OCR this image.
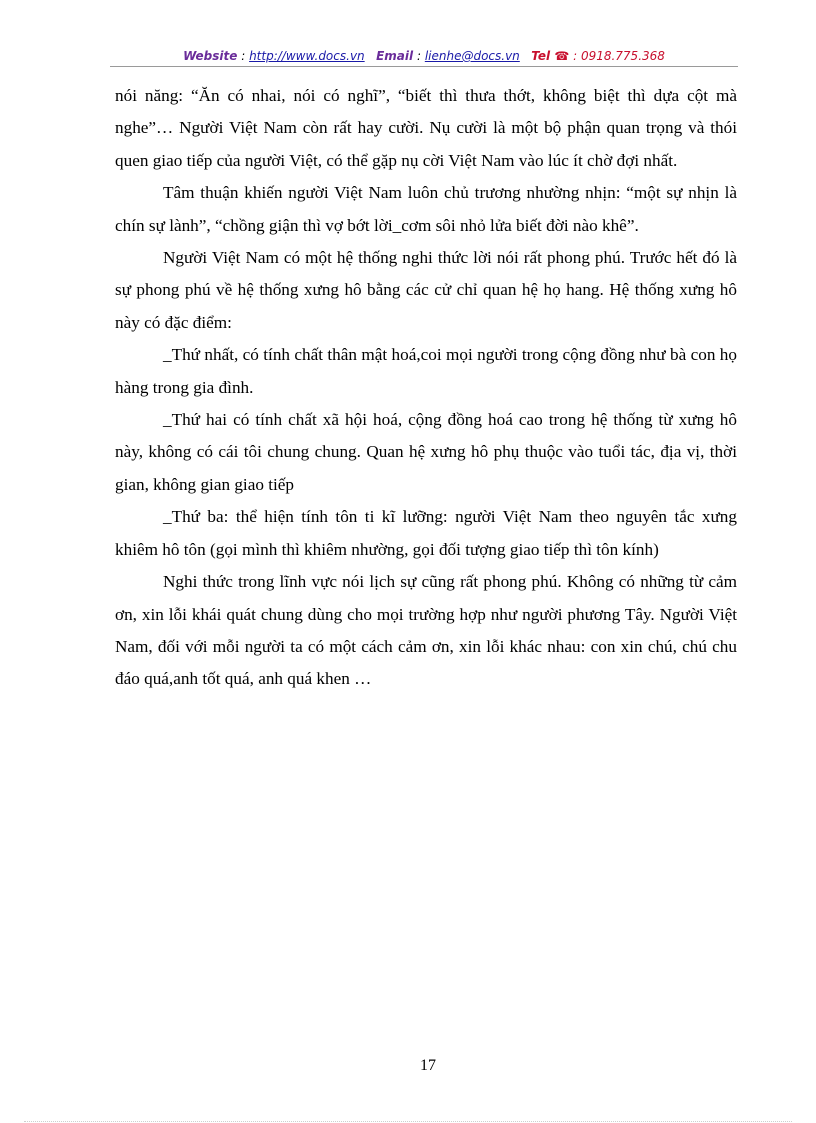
Website : http://www.docs.vn Email : lienhe@docs.vn Tel ☎ : 0918.775.368

nói năng: “Ăn có nhai, nói có nghĩ”, “biết thì thưa thớt, không biệt thì dựa cột mà nghe”… Người Việt Nam còn rất hay cười. Nụ cười là một bộ phận quan trọng và thói quen giao tiếp của người Việt, có thể gặp nụ cời Việt Nam vào lúc ít chờ đợi nhất.

Tâm thuận khiến người Việt Nam luôn chủ trương nhường nhịn: “một sự nhịn là chín sự lành”, “chồng giận thì vợ bớt lời_cơm sôi nhỏ lửa biết đời nào khê”.

Người Việt Nam có một hệ thống nghi thức lời nói rất phong phú. Trước hết đó là sự phong phú về hệ thống xưng hô bằng các cử chỉ quan hệ họ hang. Hệ thống xưng hô này có đặc điểm:

_Thứ nhất, có tính chất thân mật hoá,coi mọi người trong cộng đồng như bà con họ hàng trong gia đình.

_Thứ hai có tính chất xã hội hoá, cộng đồng hoá cao trong hệ thống từ xưng hô này, không có cái tôi chung chung. Quan hệ xưng hô phụ thuộc vào tuổi tác, địa vị, thời gian, không gian giao tiếp

_Thứ ba: thể hiện tính tôn ti kĩ lưỡng: người Việt Nam theo nguyên tắc xưng khiêm hô tôn (gọi mình thì khiêm nhường, gọi đối tượng giao tiếp thì tôn kính)

Nghi thức trong lĩnh vực nói lịch sự cũng rất phong phú. Không có những từ cảm ơn, xin lỗi khái quát chung dùng cho mọi trường hợp như người phương Tây. Người Việt Nam, đối với mỗi người ta có một cách cảm ơn, xin lỗi khác nhau: con xin chú, chú chu đáo quá,anh tốt quá, anh quá khen …

17
